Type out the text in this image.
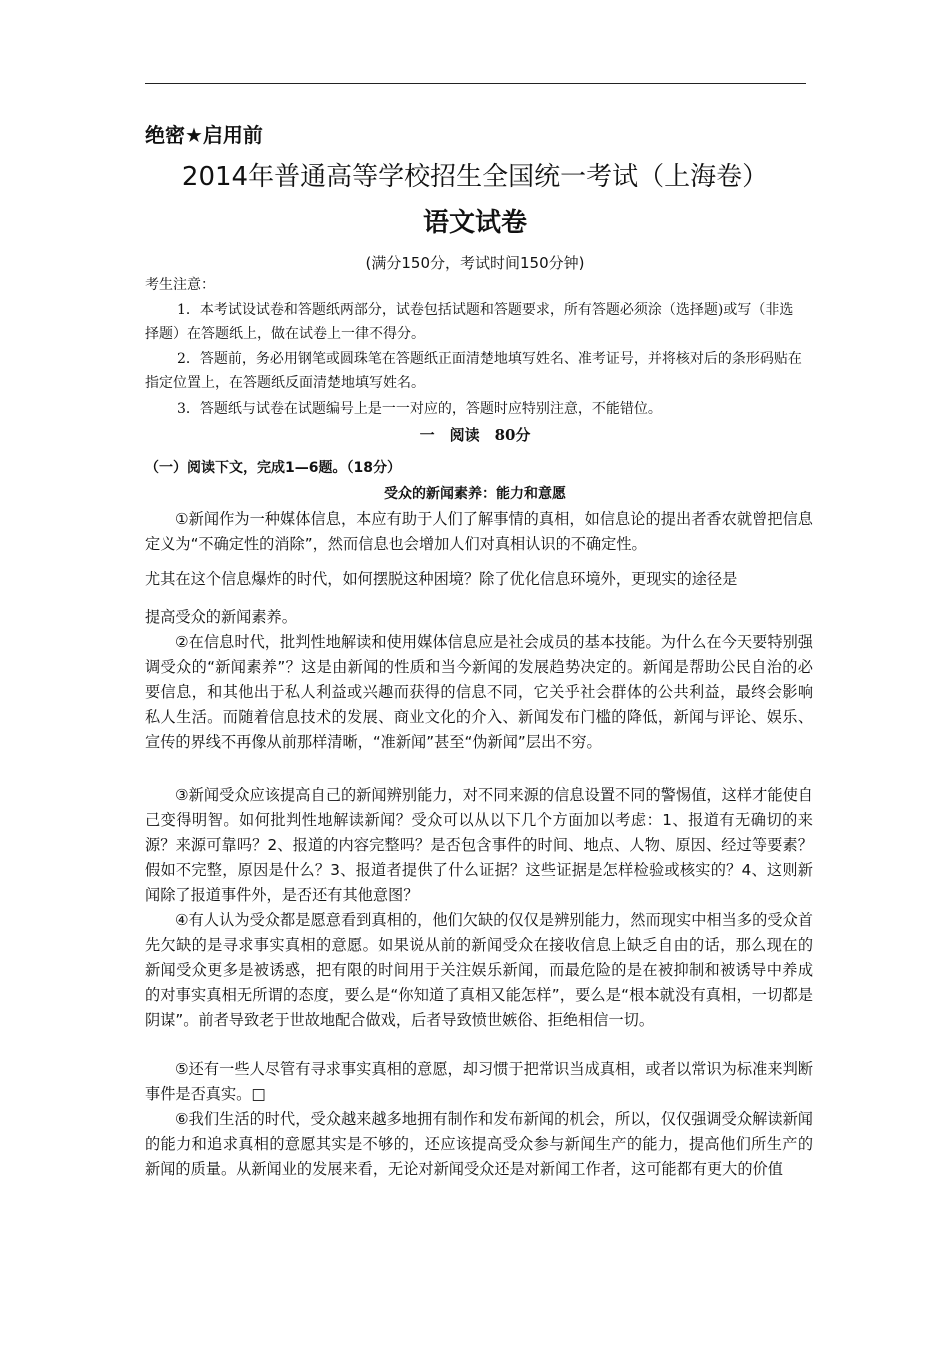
绝密★启用前
2014年普通高等学校招生全国统一考试（上海卷）
语文试卷
(满分150分，考试时间150分钟)
考生注意：
1．本考试设试卷和答题纸两部分，试卷包括试题和答题要求，所有答题必须涂（选择题)或写（非选择题）在答题纸上，做在试卷上一律不得分。
2．答题前，务必用钢笔或圆珠笔在答题纸正面清楚地填写姓名、准考证号，并将核对后的条形码贴在指定位置上，在答题纸反面清楚地填写姓名。
3．答题纸与试卷在试题编号上是一一对应的，答题时应特别注意，不能错位。
一　阅读　80分
（一）阅读下文，完成1—6题。（18分）
受众的新闻素养：能力和意愿
①新闻作为一种媒体信息，本应有助于人们了解事情的真相，如信息论的提出者香农就曾把信息定义为“不确定性的消除”，然而信息也会增加人们对真相认识的不确定性。
尤其在这个信息爆炸的时代，如何摆脱这种困境？除了优化信息环境外，更现实的途径是
提高受众的新闻素养。
②在信息时代，批判性地解读和使用媒体信息应是社会成员的基本技能。为什么在今天要特别强调受众的“新闻素养”？这是由新闻的性质和当今新闻的发展趋势决定的。新闻是帮助公民自治的必要信息，和其他出于私人利益或兴趣而获得的信息不同，它关乎社会群体的公共利益，最终会影响私人生活。而随着信息技术的发展、商业文化的介入、新闻发布门槛的降低，新闻与评论、娱乐、宣传的界线不再像从前那样清晰，“准新闻”甚至“伪新闻”层出不穷。
③新闻受众应该提高自己的新闻辨别能力，对不同来源的信息设置不同的警惕值，这样才能使自己变得明智。如何批判性地解读新闻？受众可以从以下几个方面加以考虑：1、报道有无确切的来源？来源可靠吗？2、报道的内容完整吗？是否包含事件的时间、地点、人物、原因、经过等要素？假如不完整，原因是什么？3、报道者提供了什么证据？这些证据是怎样检验或核实的？4、这则新闻除了报道事件外，是否还有其他意图？
④有人认为受众都是愿意看到真相的，他们欠缺的仅仅是辨别能力，然而现实中相当多的受众首先欠缺的是寻求事实真相的意愿。如果说从前的新闻受众在接收信息上缺乏自由的话，那么现在的新闻受众更多是被诱惑，把有限的时间用于关注娱乐新闻，而最危险的是在被抑制和被诱导中养成的对事实真相无所谓的态度，要么是“你知道了真相又能怎样”，要么是“根本就没有真相，一切都是阴谋”。前者导致老于世故地配合做戏，后者导致愤世嫉俗、拒绝相信一切。
⑤还有一些人尽管有寻求事实真相的意愿，却习惯于把常识当成真相，或者以常识为标准来判断事件是否真实。□
⑥我们生活的时代，受众越来越多地拥有制作和发布新闻的机会，所以，仅仅强调受众解读新闻的能力和追求真相的意愿其实是不够的，还应该提高受众参与新闻生产的能力，提高他们所生产的新闻的质量。从新闻业的发展来看，无论对新闻受众还是对新闻工作者，这可能都有更大的价值
